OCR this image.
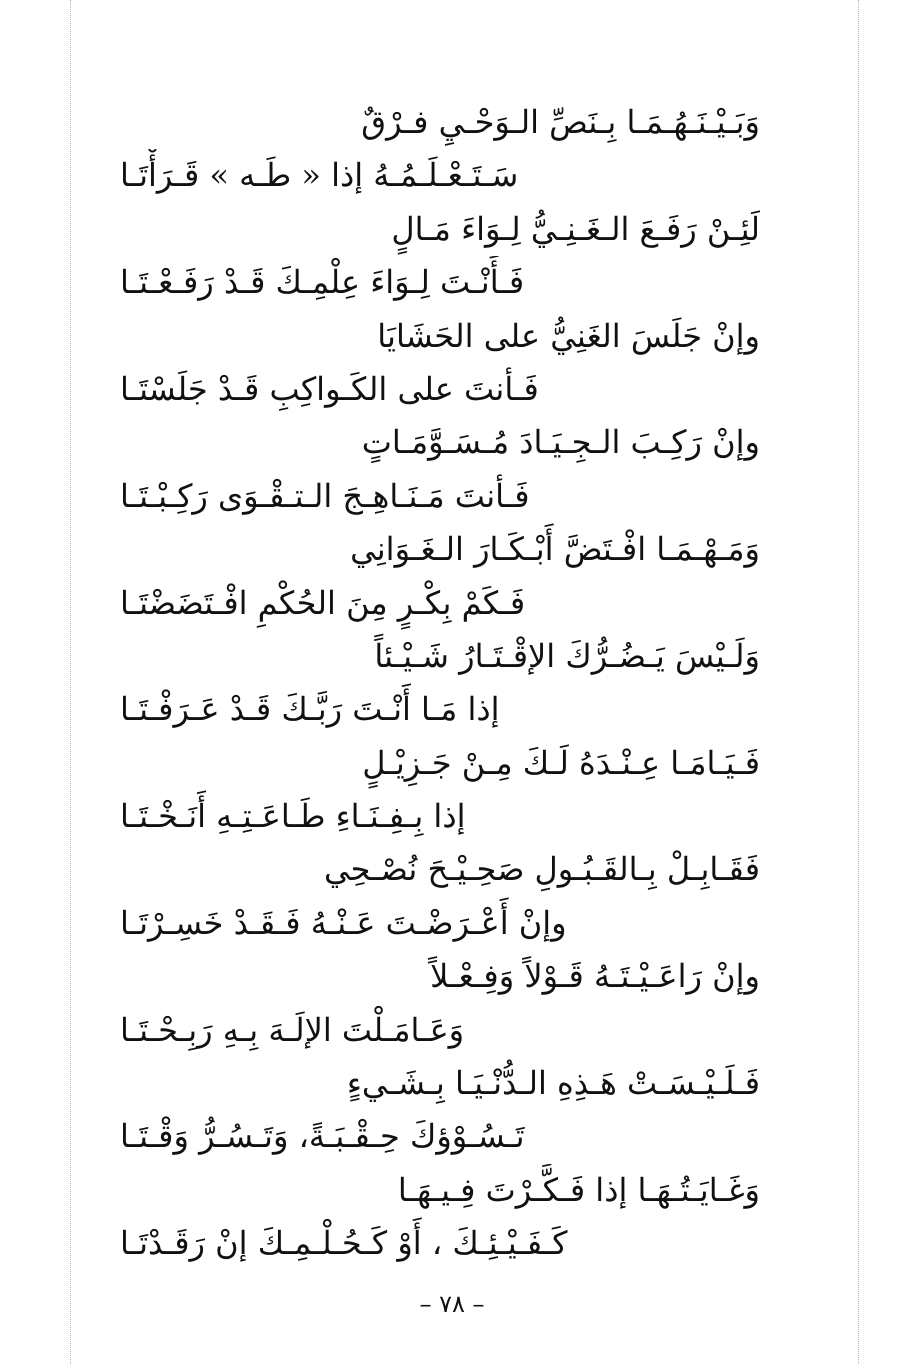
وَبَـيْـنَـهُـمَـا بِـنَصِّ الـوَحْـيِ فـرْقٌ
سَـتَـعْـلَـمُـهُ إذا « طَـه » قَـرَأْتَـا
لَئِـنْ رَفَـعَ الـغَـنِـيُّ لِـوَاءَ مَـالٍ
فَـأَنْـتَ لِـوَاءَ عِلْمِـكَ قَـدْ رَفَـعْـتَـا
وإنْ جَلَسَ الغَنِيُّ على الحَشَايَا
فَـأنتَ على الكَـواكِبِ قَـدْ جَلَسْتَـا
وإنْ رَكِـبَ الـجِـيَـادَ مُـسَـوَّمَـاتٍ
فَـأنتَ مَـنَـاهِـجَ الـتـقْـوَى رَكِـبْـتَـا
وَمَـهْـمَـا افْـتَضَّ أَبْـكَـارَ الـغَـوَانِي
فَـكَمْ بِكْـرٍ مِنَ الحُكْمِ افْـتَضَضْتَـا
وَلَـيْسَ يَـضُـرُّكَ الإقْـتَـارُ شَـيْـئاً
إذا مَـا أَنْـتَ رَبَّـكَ قَـدْ عَـرَفْـتَـا
فَـيَـامَـا عِـنْـدَهُ لَـكَ مِـنْ جَـزِيْـلٍ
إذا بِـفِـنَـاءِ طَـاعَـتِـهِ أَنَـخْـتَـا
فَقَـابِـلْ بِـالقَـبُـولِ صَحِـيْـحَ نُصْـحِي
وإنْ أَعْـرَضْـتَ عَـنْـهُ فَـقَـدْ خَسِـرْتَـا
وإنْ رَاعَـيْـتَـهُ قَـوْلاً وَفِـعْـلاً
وَعَـامَـلْتَ الإلَـهَ بِـهِ رَبِـحْـتَـا
فَـلَـيْـسَـتْ هَـذِهِ الـدُّنْـيَـا بِـشَـيءٍ
تَـسُـوْؤكَ حِـقْـبَـةً، وَتَـسُـرُّ وَقْـتَـا
وَغَـايَـتُـهَـا إذا فَـكَّـرْتَ فِـيـهَـا
كَـفَـيْـئِـكَ ، أَوْ كَـحُـلْـمِـكَ إنْ رَقَـدْتَـا
– ٧٨ –
